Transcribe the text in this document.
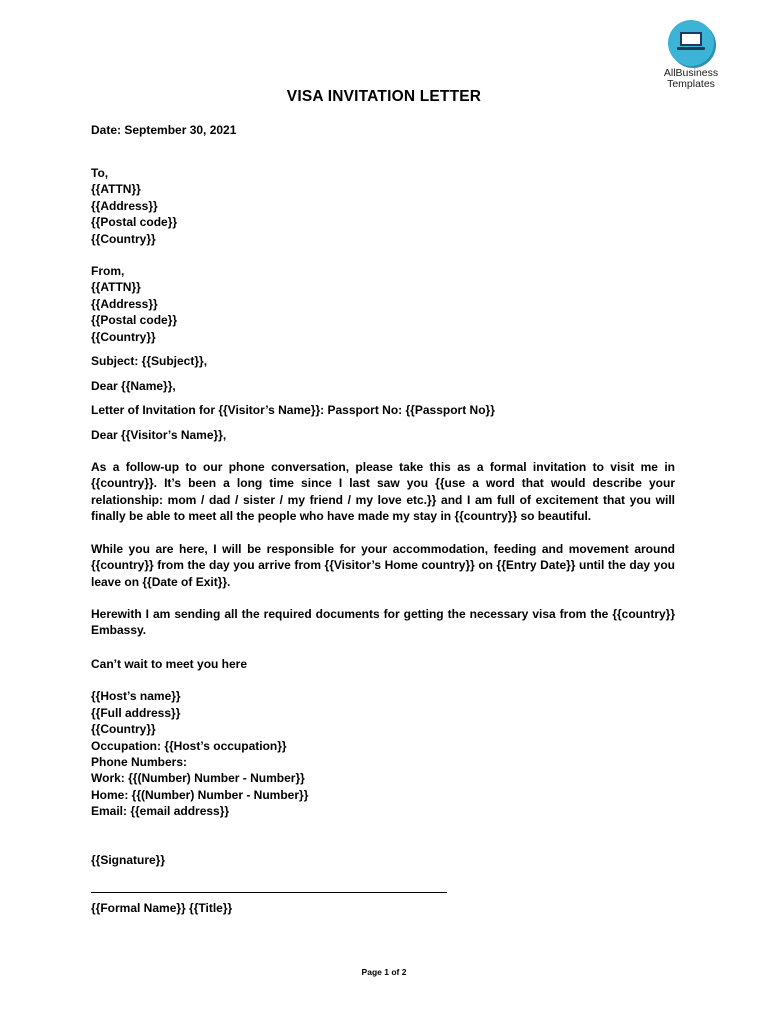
AllBusiness
Templates
VISA INVITATION LETTER
Date: September 30, 2021
To,
{{ATTN}}
{{Address}}
{{Postal code}}
{{Country}}
From,
{{ATTN}}
{{Address}}
{{Postal code}}
{{Country}}
Subject: {{Subject}},
Dear {{Name}},
Letter of Invitation for {{Visitor’s Name}}: Passport No: {{Passport No}}
Dear {{Visitor’s Name}},
As a follow-up to our phone conversation, please take this as a formal invitation to visit me in {{country}}. It’s been a long time since I last saw you {{use a word that would describe your relationship: mom / dad / sister / my friend / my love etc.}} and I am full of excitement that you will finally be able to meet all the people who have made my stay in {{country}} so beautiful.
While you are here, I will be responsible for your accommodation, feeding and movement around {{country}} from the day you arrive from {{Visitor’s Home country}} on {{Entry Date}} until the day you leave on {{Date of Exit}}.
Herewith I am sending all the required documents for getting the necessary visa from the {{country}} Embassy.
Can’t wait to meet you here
{{Host’s name}}
{{Full address}}
{{Country}}
Occupation: {{Host’s occupation}}
Phone Numbers:
Work: {{(Number) Number - Number}}
Home: {{(Number) Number - Number}}
Email: {{email address}}
{{Signature}}
{{Formal Name}} {{Title}}
Page 1 of 2
